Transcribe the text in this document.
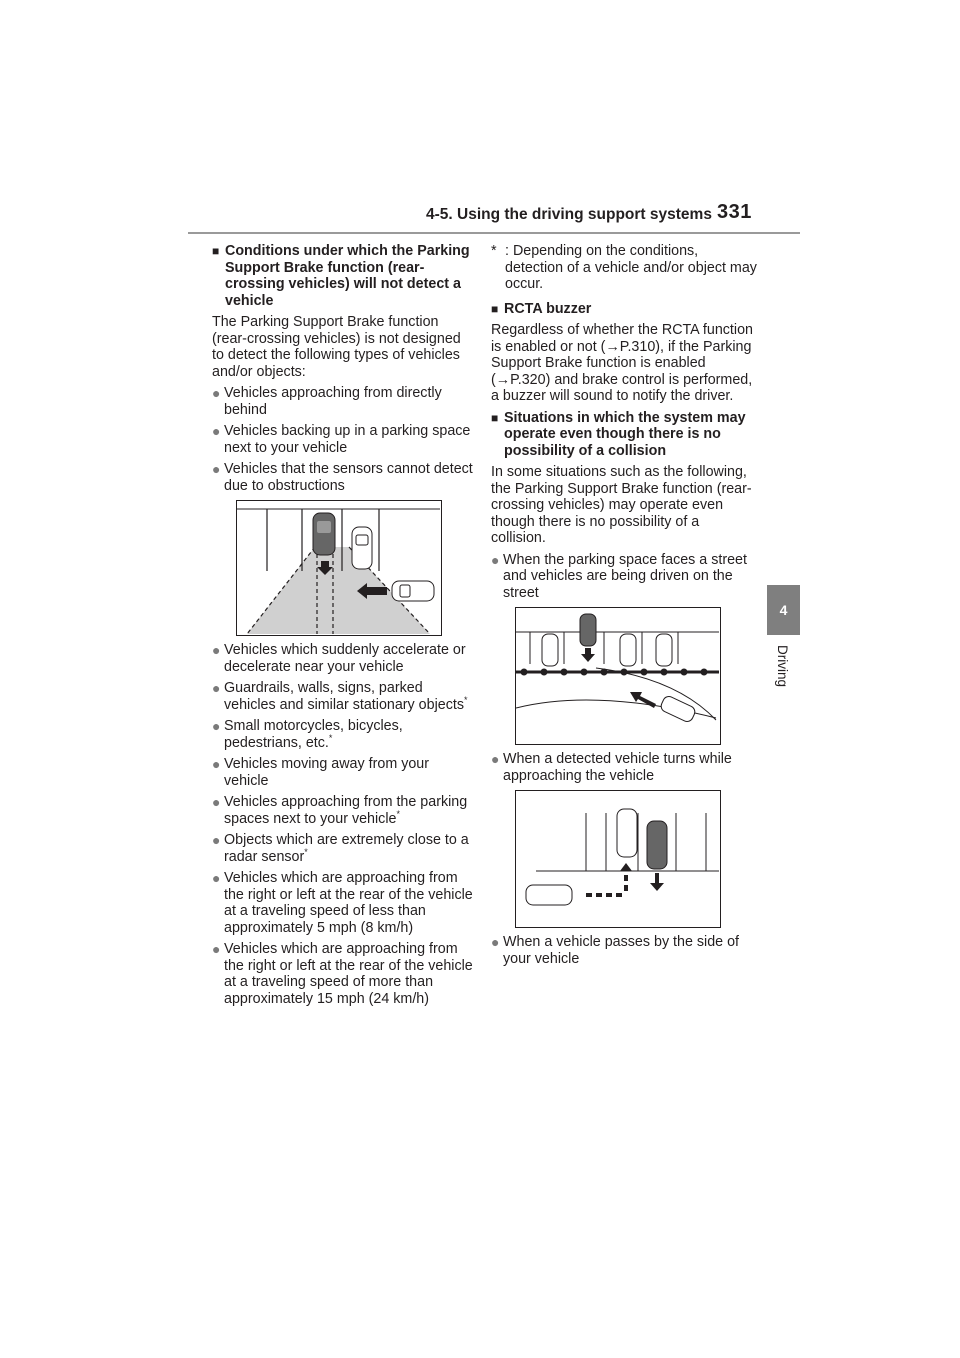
4-5. Using the driving support systems 331
4
Driving
■ Conditions under which the Parking Support Brake function (rear-crossing vehicles) will not detect a vehicle
The Parking Support Brake function (rear-crossing vehicles) is not designed to detect the following types of vehicles and/or objects:
● Vehicles approaching from directly behind
● Vehicles backing up in a parking space next to your vehicle
● Vehicles that the sensors cannot detect due to obstructions
● Vehicles which suddenly accelerate or decelerate near your vehicle
● Guardrails, walls, signs, parked vehicles and similar stationary objects*
● Small motorcycles, bicycles, pedestrians, etc.*
● Vehicles moving away from your vehicle
● Vehicles approaching from the parking spaces next to your vehicle*
● Objects which are extremely close to a radar sensor*
● Vehicles which are approaching from the right or left at the rear of the vehicle at a traveling speed of less than approximately 5 mph (8 km/h)
● Vehicles which are approaching from the right or left at the rear of the vehicle at a traveling speed of more than approximately 15 mph (24 km/h)
* : Depending on the conditions, detection of a vehicle and/or object may occur.
■ RCTA buzzer
Regardless of whether the RCTA function is enabled or not (→P.310), if the Parking Support Brake function is enabled (→P.320) and brake control is performed, a buzzer will sound to notify the driver.
■ Situations in which the system may operate even though there is no possibility of a collision
In some situations such as the following, the Parking Support Brake function (rear-crossing vehicles) may operate even though there is no possibility of a collision.
● When the parking space faces a street and vehicles are being driven on the street
● When a detected vehicle turns while approaching the vehicle
● When a vehicle passes by the side of your vehicle
